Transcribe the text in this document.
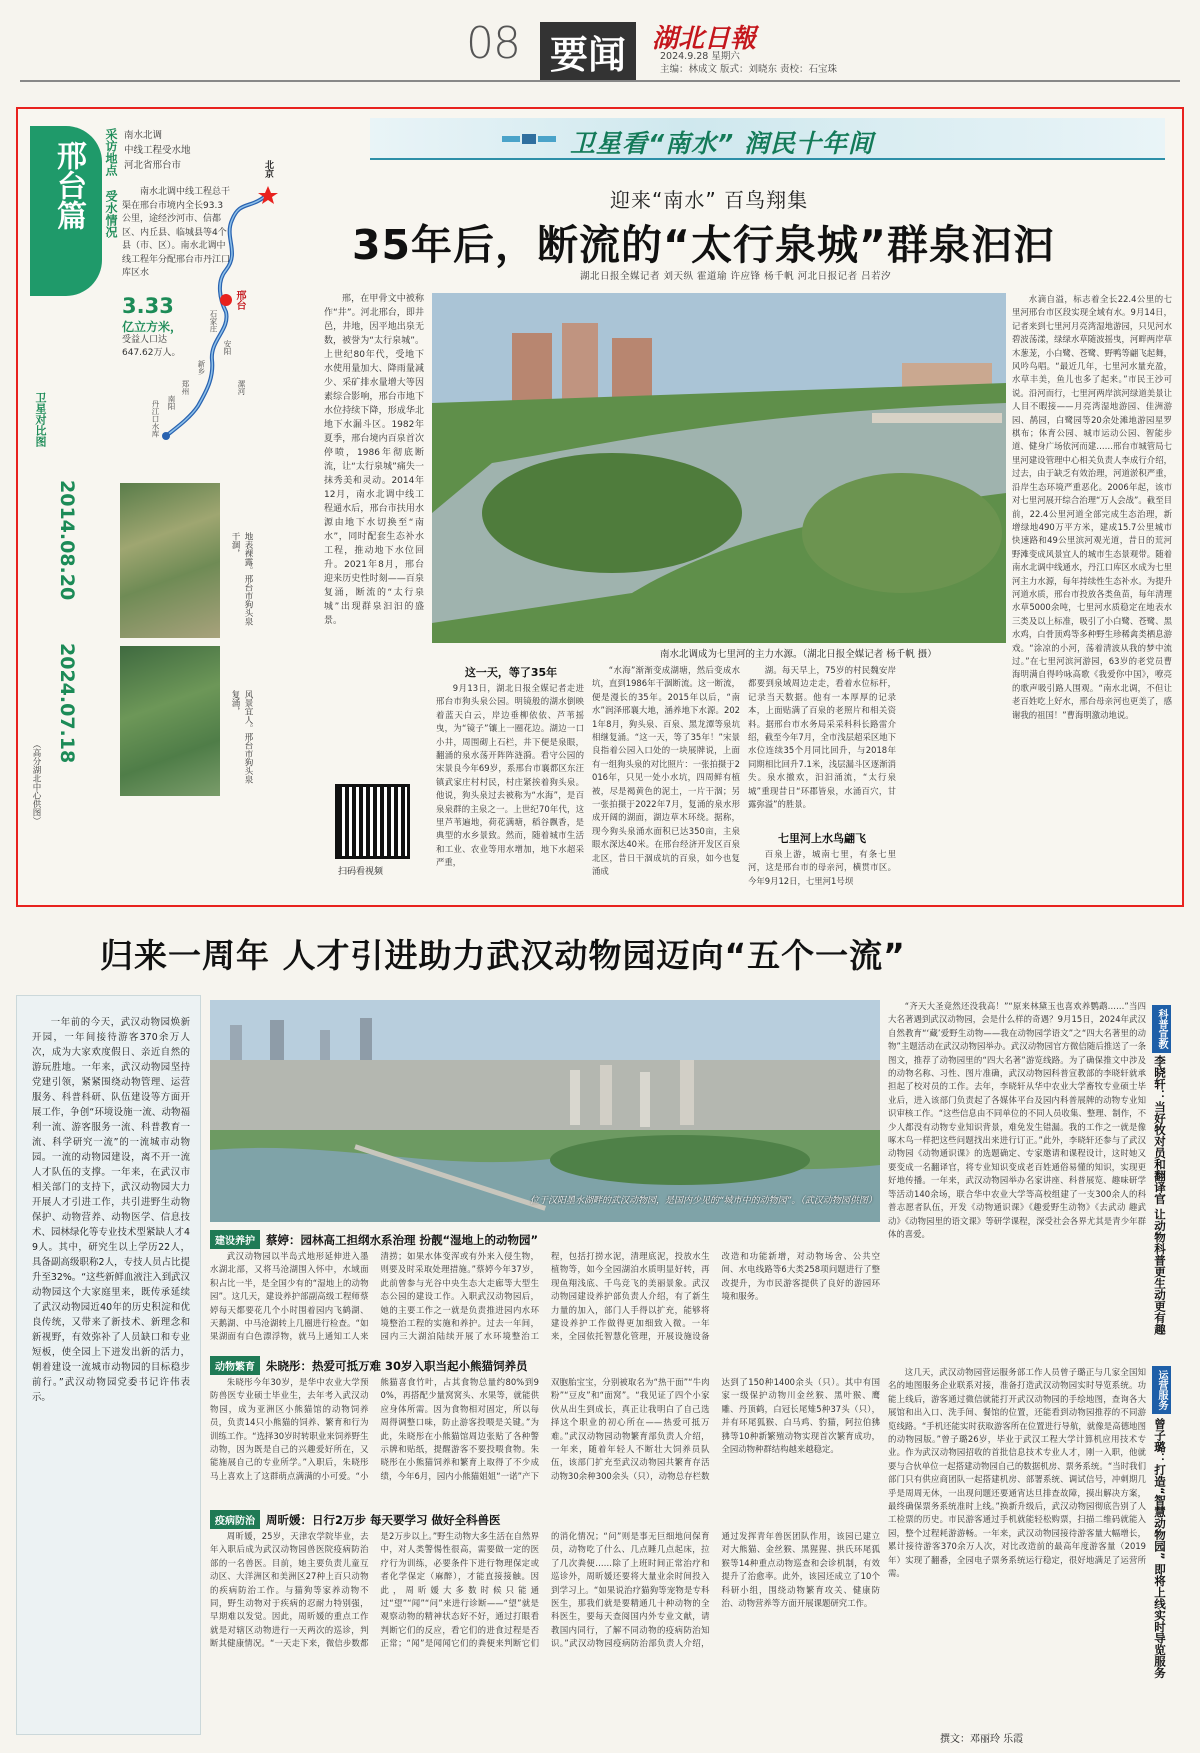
08 要闻 湖北日報
2024.9.28 星期六
主编：林成文 版式：刘晓东 责校：石宝珠
卫星看“南水” 润民十年间
邢台篇	采访地点 南水北调
中线工程受水地
河北省邢台市
受水情况	南水北调中线工程总干渠在邢台市境内全长93.3公里，途经沙河市、信都区、内丘县、临城县等4个县（市、区）。南水北调中线工程年分配邢台市丹江口库区水
3.33
亿立方米，
受益人口达647.62万人。
北京
邢台
丹江口水库
石家庄
安阳
新乡
郑州	漯河
南阳
卫星对比图
2014.08.20
2024.07.18
地表裸露。邢台市狗头泉干涸，
风景宜人。邢台市狗头泉复涌，
（高分湖北中心供图）
迎来“南水” 百鸟翔集
35年后，断流的“太行泉城”群泉汩汩
湖北日报全媒记者 刘天纵 霍道瑜 许应锋 杨千帆 河北日报记者 吕若汐

邢，在甲骨文中被称作“井”。河北邢台，即井邑，井地，因平地出泉无数，被誉为“太行泉城”。上世纪80年代，受地下水使用量加大、降雨量减少、采矿排水量增大等因素综合影响，邢台市地下水位持续下降，形成华北地下水漏斗区。1982年夏季，邢台境内百泉首次停喷，1986年彻底断流，让“太行泉城”痛失一抹秀美和灵动。2014年12月，南水北调中线工程通水后，邢台市扶用水源由地下水切换至“南水”，同时配套生态补水工程，推动地下水位回升。2021年8月，邢台迎来历史性时刻——百泉复涌，断流的“太行泉城”出现群泉汩汩的盛景。

扫码看视频
南水北调成为七里河的主力水源。（湖北日报全媒记者 杨千帆 摄）
这一天，等了35年

9月13日，湖北日报全媒记者走进邢台市狗头泉公园。明镜般的湖水倒映着蓝天白云，岸边垂柳依依、芦苇摇曳，为“镜子”镶上一圈花边。湖边一口小井，周围砌上石栏，井下便是泉眼，翻涌的泉水荡开阵阵涟漪。看守公园的宋景良今年69岁，系邢台市襄都区东汪镇武家庄村村民，村庄紧挨着狗头泉。他说，狗头泉过去被称为“水海”，是百泉泉群的主泉之一。上世纪70年代，这里芦苇遍地，荷花满塘，稻谷飘香，是典型的水乡景致。然而，随着城市生活和工业、农业等用水增加，地下水超采严重，

“水海”渐渐变成湖塘，然后变成水坑，直到1986年干涸断流。这一断流，便是漫长的35年。2015年以后，“南水”润泽邢襄大地，涵养地下水源。2021年8月，狗头泉、百泉、黑龙潭等泉坑相继复涌。“这一天，等了35年！”宋景良指着公园入口处的一块展牌说，上面有一组狗头泉的对比照片：一张拍摄于2016年，只见一处小水坑，四周鲜有植被，尽是褐黄色的泥土，一片干涸；另一张拍摄于2022年7月，复涌的泉水形成开阔的湖面，湖边草木环绕。据称，现今狗头泉涌水面积已达350亩，主泉眼水深达40米。在邢台经济开发区百泉北区，昔日干涸成坑的百泉，如今也复涌成

湖。每天早上，75岁的村民魏安岸都要到泉域周边走走，看着水位标杆，记录当天数据。他有一本厚厚的记录本，上面贴满了百泉的老照片和相关资料。据邢台市水务局采采科科长路雷介绍，截至今年7月，全市浅层超采区地下水位连续35个月同比回升，与2018年同期相比回升7.1米，浅层漏斗区逐渐消失。泉水撤欢，汩汩涌流，“太行泉城”重现昔日“环郡皆泉，水涌百穴，甘露弥溢”的胜景。

七里河上水鸟翩飞

百泉上游，城南七里，有条七里河，这是邢台市的母亲河，横贯市区。今年9月12日，七里河1号坝

水滴自溢，标志着全长22.4公里的七里河邢台市区段实现全域有水。9月14日，记者来到七里河月亮湾湿地游园，只见河水碧波荡漾，绿绿水草随波摇曳，河畔两岸草木葱茏，小白鹭、苍鹭、野鸭等翩飞起舞，风吟鸟唱。“最近几年，七里河水量充盈，水草丰美，鱼儿也多了起来。”市民王沙可说。沿河而行，七里河两岸滨河绿道美景让人目不暇接——月亮湾湿地游园、佳洲游园、鹊园，白鹭园等20余处滩地游园星罗棋布；体育公园、城市运动公园、智能步道、健身广场依河而建……邢台市城管局七里河建设管理中心相关负责人李成行介绍，过去，由于缺乏有效治理，河道淤积严重，沿岸生态环境严重恶化。2006年起，该市对七里河展开综合治理“万人会战”。截至目前，22.4公里河道全部完成生态治理，新增绿地490万平方米，建成15.7公里城市快速路和49公里滨河观光道，昔日的荒河野滩变成风景宜人的城市生态景观带。随着南水北调中线通水，丹江口库区水成为七里河主力水源，每年持续性生态补水。为提升河道水质，邢台市投放各类鱼苗，每年清理水草5000余吨，七里河水质稳定在地表水三类及以上标准，吸引了小白鹭、苍鹭、黑水鸡，白骨顶鸡等多种野生珍稀禽类栖息游戏。“涂凉的小河，荡着清波从我的梦中流过。”在七里河滨河游园，63岁的老党员曹海明满自得吟咏高歌《我爱你中国》，嘹亮的歌声吸引路人围观。“南水北调，不但让老百姓吃上好水，邢台母亲河也更美了，感谢我的祖国！”曹海明激动地说。

归来一周年 人才引进助力武汉动物园迈向“五个一流”

一年前的今天，武汉动物园焕新开园，一年间接待游客370余万人次，成为大家欢度假日、亲近自然的游玩胜地。一年来，武汉动物园坚持党建引领，紧紧围绕动物管理、运营服务、科普科研、队伍建设等方面开展工作，争创“环境设施一流、动物福利一流、游客服务一流、科普教育一流、科学研究一流”的一流城市动物园。一流的动物园建设，离不开一流人才队伍的支撑。一年来，在武汉市相关部门的支持下，武汉动物园大力开展人才引进工作，共引进野生动物保护、动物营养、动物医学、信息技术、园林绿化等专业技术型紧缺人才49人。其中，研究生以上学历22人，具备副高级职称2人，专技人员占比提升至32%。“这些新鲜血液注入到武汉动物园这个大家庭里来，既传承延续了武汉动物园近40年的历史积淀和优良传统，又带来了新技术、新理念和新视野，有效弥补了人员缺口和专业短板，使全园上下迸发出新的活力，朝着建设一流城市动物园的目标稳步前行。”武汉动物园党委书记许伟表示。

位于汉阳墨水湖畔的武汉动物园，是国内少见的“城市中的动物园”。（武汉动物园供图）
建设养护 蔡婷：园林高工担纲水系治理 扮靓“湿地上的动物园”

武汉动物园以半岛式地形延伸进入墨水湖北部，又将马沧湖围入怀中，水域面积占比一半，是全国少有的“湿地上的动物园”。这几天，建设养护部副高级工程师蔡婷每天都要花几个小时围着园内飞鹤湖、天鹅湖、中马沧湖转上几圈进行检查。“如果湖面有白色漂浮物，就马上通知工人来清捞；如果水体变浑或有外来入侵生物，则要及时采取处理措施。”蔡婷今年37岁，此前曾参与光谷中央生态大走廊等大型生态公园的建设工作。入职武汉动物园后，她的主要工作之一就是负责推进园内水环境整治工程的实施和养护。过去一年间，园内三大湖泊陆续开展了水环境整治工程，包括打捞水泥，清理底泥，投放水生植物等，如今全园湖泊水质明显好转，再现鱼翔浅底、千鸟竞飞的美丽景象。武汉动物园建设养护部负责人介绍，有了新生力量的加入，部门人手得以扩充，能够将建设养护工作做得更加细致入微。一年来，全园依托智慧化管理，开展设施设备改造和功能新增，对动物场舍、公共空间、水电线路等6大类258项问题进行了整改提升，为市民游客提供了良好的游园环境和服务。

动物繁育 朱晓彤：热爱可抵万难 30岁入职当起小熊猫饲养员

朱晓彤今年30岁，是华中农业大学预防兽医专业硕士毕业生，去年考入武汉动物园，成为亚洲区小熊猫馆的动物饲养员，负责14只小熊猫的饲养、繁育和行为训练工作。“选择30岁时转职业来饲养野生动物，因为既是自己的兴趣爱好所在，又能施展自己的专业所学。”入职后，朱晓彤马上喜欢上了这群萌点满满的小可爱。“小熊猫喜食竹叶，占其食物总量约80%到90%，再搭配少量窝窝头、水果等，就能供应身体所需。因为食物相对固定，所以每周得调整口味，防止游客投喂是关键。”为此，朱晓彤在小熊猫馆周边张贴了各种警示牌和贴纸，提醒游客不要投喂食物。朱晓彤在小熊猫饲养和繁育上取得了不少成绩，今年6月，园内小熊猫姐姐“一诺”产下双胞胎宝宝，分别被取名为“热干面”“牛肉粉”“豆皮”和“面窝”。“我见证了四个小家伙从出生到成长，真正让我明白了自己选择这个职业的初心所在——热爱可抵万难。”武汉动物园动物繁育部负责人介绍，一年来，随着年轻人不断壮大饲养员队伍，该部门扩充至武汉动物园共繁育存活动物30余种300余头（只），动物总存栏数达到了150种1400余头（只）。其中有国家一级保护动物川金丝猴、黑叶猴、鹰雕、丹顶鹤，白冠长尾雉5种37头（只），并有环尾狐猴、白马鸡、豹猫，阿拉伯狒狒等10种新繁殖动物实现首次繁育成功，全园动物种群结构越来越稳定。

疫病防治 周昕媛：日行2万步 每天要学习 做好全科兽医

周昕媛，25岁，天津农学院毕业，去年入职后成为武汉动物园兽医院疫病防治部的一名兽医。目前，她主要负责儿童互动区、大洋洲区和美洲区27种上百只动物的疾病防治工作。与猫狗等家养动物不同，野生动物对于疾病的忍耐力特别强，早期难以发觉。因此，周昕媛的重点工作就是对辖区动物进行一天两次的巡诊，判断其健康情况。“一天走下来，微信步数都是2万步以上。”野生动物大多生活在自然界中，对人类警惕性很高，需要做一定的医疗行为训练，必要条件下进行物理保定或者化学保定（麻醉），才能直接接触。因此，周昕媛大多数时候只能通过“望”“闻”“问”来进行诊断——“望”就是观察动物的精神状态好不好，通过打眼看判断它们的反应，看它们的进食过程是否正常；“闻”是闻闻它们的粪便来判断它们的消化情况；“问”则是事无巨细地问保育员，动物吃了什么、几点睡几点起床，拉了几次粪便……除了上班时间正常治疗和巡诊外，周昕媛还要将大量业余时间投入到学习上。“如果说治疗猫狗等宠物是专科医生，那我们就是要精通几十种动物的全科医生，要每天查阅国内外专业文献，请教国内同行，了解不同动物的疫病防治知识。”武汉动物园疫病防治部负责人介绍，通过发挥青年兽医团队作用，该园已建立对大熊猫、金丝猴、黑猩猩、拱氏环尾狐猴等14种重点动物巡查和会诊机制，有效提升了治愈率。此外，该园还成立了10个科研小组，围绕动物繁育攻关、健康防治、动物营养等方面开展课题研究工作。

“齐天大圣竟然还没我高！”“原来林黛玉也喜欢养鹦鹉……”当四大名著遇到武汉动物园，会是什么样的奇遇？9月15日，2024年武汉自然教育“‘藏’爱野生动物——我在动物园学语文”之“四大名著里的动物”主题活动在武汉动物园举办。武汉动物园官方微信随后推送了一条图文，推荐了动物园里的“四大名著”游览线路。为了确保推文中涉及的动物名称、习性、图片准确，武汉动物园科普宣教部的李晓轩就承担起了校对员的工作。去年，李晓轩从华中农业大学畜牧专业硕士毕业后，进入该部门负责起了各媒体平台及园内科普展牌的动物专业知识审核工作。“这些信息由不同单位的不同人员收集、整理、制作，不少人都没有动物专业知识背景，难免发生错漏。我的工作之一就是像啄木鸟一样把这些问题找出来进行订正。”此外，李晓轩还参与了武汉动物园《动物通识课》的选题确定、专家邀请和课程设计，这时她又要变成一名翻译官，将专业知识变成老百姓通俗易懂的知识，实现更好地传播。一年来，武汉动物园举办名家讲座、科普展览、趣味研学等活动140余场，联合华中农业大学等高校组建了一支300余人的科普志愿者队伍，开发《动物通识课》《趣爱野生动物》《去武动 趣武动》《动物园里的语文课》等研学课程，深受社会各界尤其是青少年群体的喜爱。

科普宣教
李晓轩：当好牧对员和翻译官 让动物科普更生动更有趣

这几天，武汉动物园营运服务部工作人员曾子璐正与几家全国知名的地图服务企业联系对接，准备打造武汉动物园实时导览系统。功能上线后，游客通过微信就能打开武汉动物园的手绘地图，查询各大展馆和出入口、洗手间、餐馆的位置，还能看到动物园推荐的不同游览线路。“手机还能实时获取游客所在位置进行导航，就像是高德地图的动物园版。”曾子璐26岁，毕业于武汉工程大学计算机应用技术专业。作为武汉动物园招收的首批信息技术专业人才，刚一入职，他就要与合伙单位一起搭建动物园自己的数据机房、票务系统。“当时我们部门只有供应商团队一起搭建机房、部署系统、调试信号，冲刺期几乎是周周无休，一出现问题还要通宵达旦排查故障，摸出解决方案，最终确保票务系统准时上线。”换新升级后，武汉动物园彻底告别了人工检票的历史。市民游客通过手机就能轻松购票，扫描二维码就能入园，整个过程耗游游畅。一年来，武汉动物园接待游客量大幅增长，累计接待游客370余万人次，对比改造前的最高年度游客量（2019年）实现了翻番，全园电子票务系统运行稳定，很好地满足了运营所需。

运营服务
曾子璐：打造“智慧动物园” 即将上线实时导览服务
撰文：邓丽玲 乐霞
